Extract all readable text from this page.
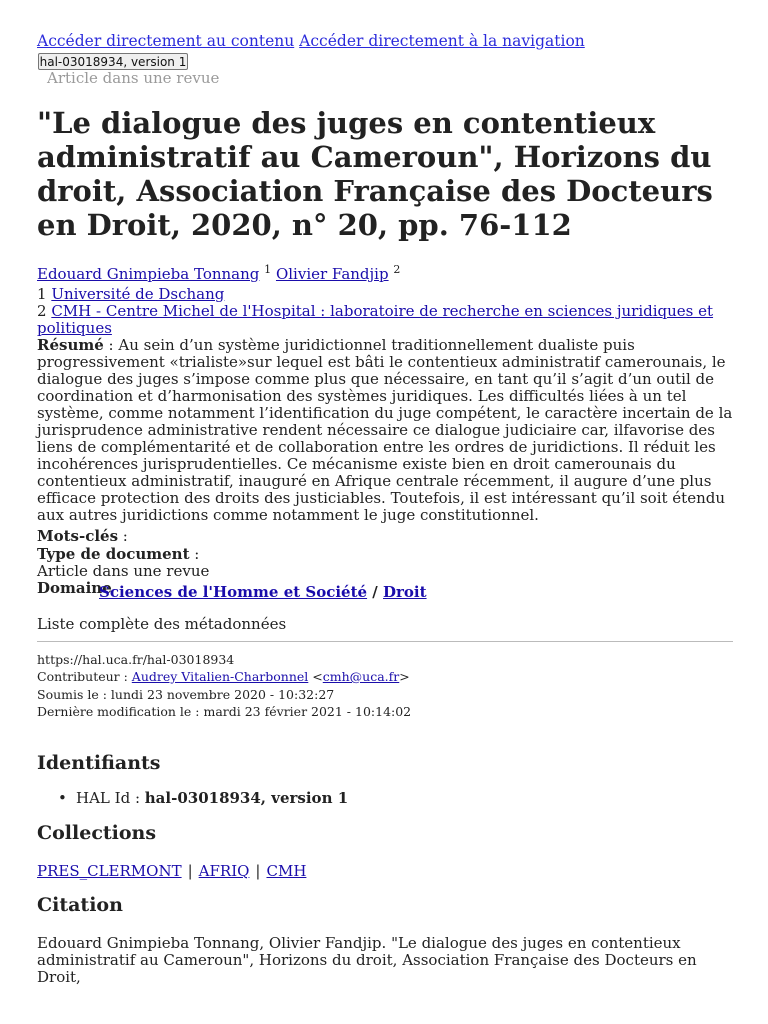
Accéder directement au contenu Accéder directement à la navigation
hal-03018934, version 1
Article dans une revue
"Le dialogue des juges en contentieux administratif au Cameroun", Horizons du droit, Association Française des Docteurs en Droit, 2020, n° 20, pp. 76-112
Edouard Gnimpieba Tonnang $^1$ Olivier Fandjip $^2$
1 Université de Dschang
2 CMH - Centre Michel de l'Hospital : laboratoire de recherche en sciences juridiques et politiques
Résumé : Au sein d’un système juridictionnel traditionnellement dualiste puis progressivement «trialiste»sur lequel est bâti le contentieux administratif camerounais, le dialogue des juges s’impose comme plus que nécessaire, en tant qu’il s’agit d’un outil de coordination et d’harmonisation des systèmes juridiques. Les difficultés liées à un tel système, comme notamment l’identification du juge compétent, le caractère incertain de la jurisprudence administrative rendent nécessaire ce dialogue judiciaire car, ilfavorise des liens de complémentarité et de collaboration entre les ordres de juridictions. Il réduit les incohérences jurisprudentielles. Ce mécanisme existe bien en droit camerounais du contentieux administratif, inauguré en Afrique centrale récemment, il augure d’une plus efficace protection des droits des justiciables. Toutefois, il est intéressant qu’il soit étendu aux autres juridictions comme notamment le juge constitutionnel.
Mots-clés :
Type de document :
Article dans une revue
Domaine
Sciences de l'Homme et Société / Droit
Liste complète des métadonnées
https://hal.uca.fr/hal-03018934
Contributeur : Audrey Vitalien-Charbonnel <cmh@uca.fr>
Soumis le : lundi 23 novembre 2020 - 10:32:27
Dernière modification le : mardi 23 février 2021 - 10:14:02
Identifiants
• HAL Id : hal-03018934, version 1
Collections
PRES_CLERMONT | AFRIQ | CMH
Citation
Edouard Gnimpieba Tonnang, Olivier Fandjip. "Le dialogue des juges en contentieux administratif au Cameroun", Horizons du droit, Association Française des Docteurs en Droit,
